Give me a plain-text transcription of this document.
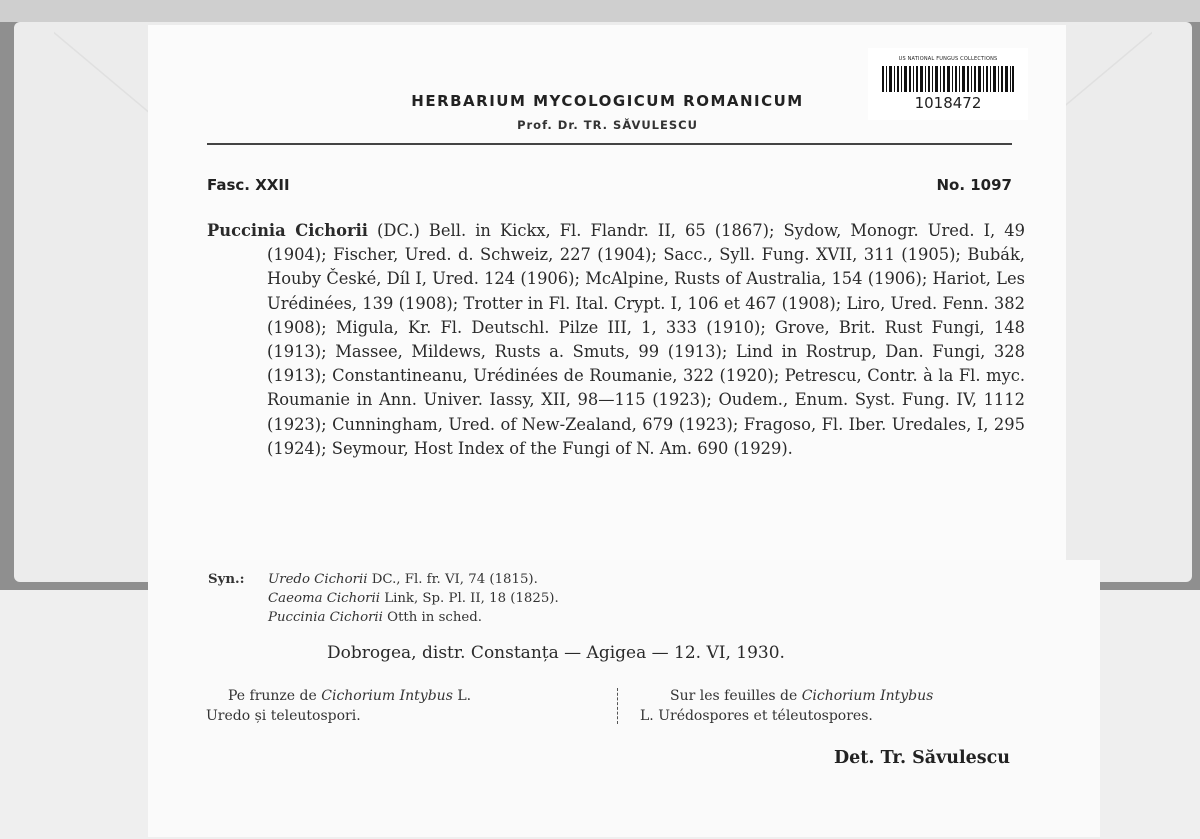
US NATIONAL FUNGUS COLLECTIONS
1018472
HERBARIUM MYCOLOGICUM ROMANICUM
Prof. Dr. TR. SĂVULESCU
Fasc. XXII	No. 1097
Puccinia Cichorii (DC.) Bell. in Kickx, Fl. Flandr. II, 65 (1867); Sydow, Monogr. Ured. I, 49 (1904); Fischer, Ured. d. Schweiz, 227 (1904); Sacc., Syll. Fung. XVII, 311 (1905); Bubák, Houby České, Díl I, Ured. 124 (1906); McAlpine, Rusts of Australia, 154 (1906); Hariot, Les Urédinées, 139 (1908); Trotter in Fl. Ital. Crypt. I, 106 et 467 (1908); Liro, Ured. Fenn. 382 (1908); Migula, Kr. Fl. Deutschl. Pilze III, 1, 333 (1910); Grove, Brit. Rust Fungi, 148 (1913); Massee, Mildews, Rusts a. Smuts, 99 (1913); Lind in Rostrup, Dan. Fungi, 328 (1913); Constantineanu, Urédinées de Roumanie, 322 (1920); Petrescu, Contr. à la Fl. myc. Roumanie in Ann. Univer. Iassy, XII, 98—115 (1923); Oudem., Enum. Syst. Fung. IV, 1112 (1923); Cunningham, Ured. of New-Zealand, 679 (1923); Fragoso, Fl. Iber. Uredales, I, 295 (1924); Seymour, Host Index of the Fungi of N. Am. 690 (1929).
Syn.: Uredo Cichorii DC., Fl. fr. VI, 74 (1815).
Caeoma Cichorii Link, Sp. Pl. II, 18 (1825).
Puccinia Cichorii Otth in sched.
Dobrogea, distr. Constanța — Agigea — 12. VI, 1930.
Pe frunze de Cichorium Intybus L.
Uredo și teleutospori.
Sur les feuilles de Cichorium Intybus
L. Urédospores et téleutospores.
Det. Tr. Săvulescu
